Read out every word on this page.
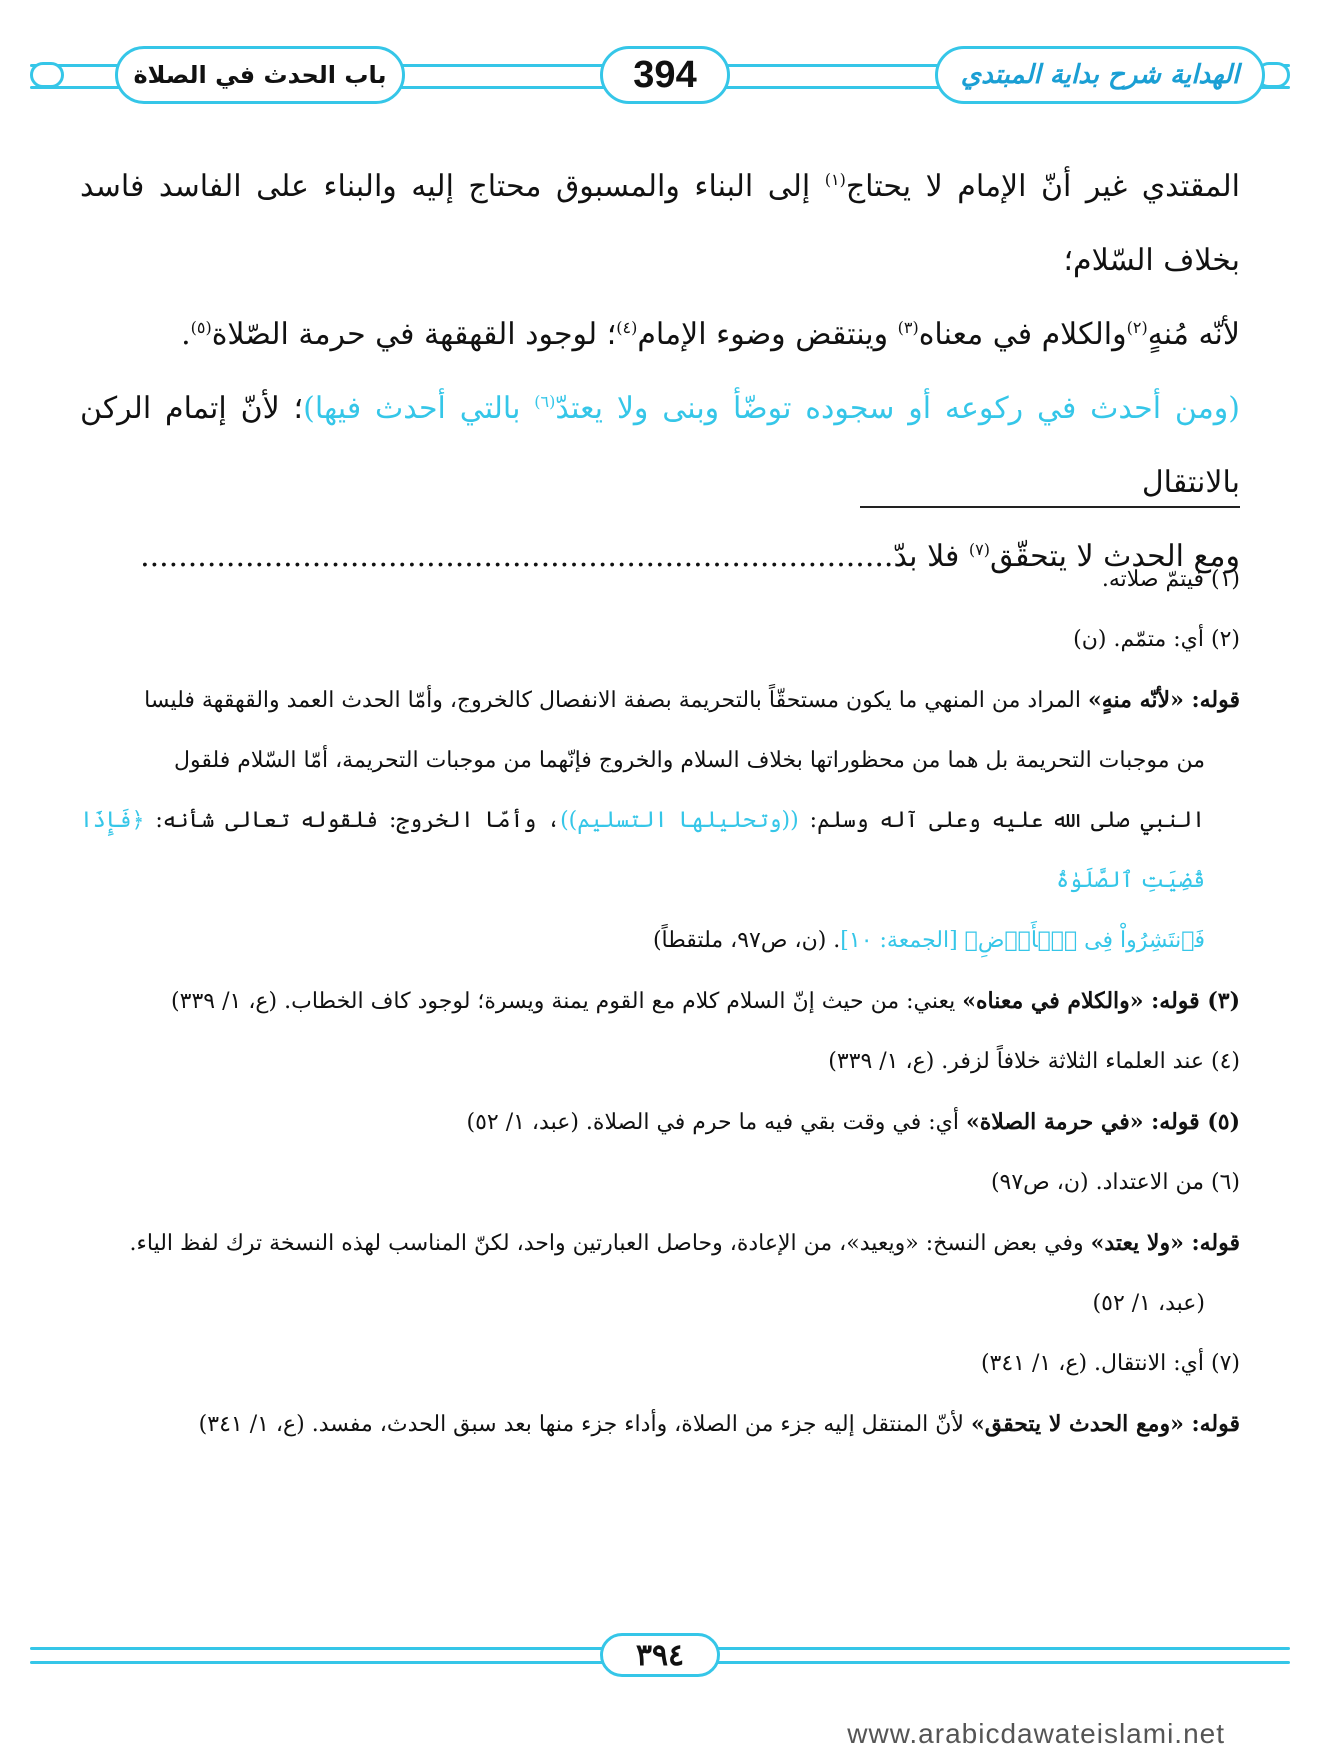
الهداية شرح بداية المبتدي
394
باب الحدث في الصلاة

المقتدي غير أنّ الإمام لا يحتاج$^{(١)}$ إلى البناء والمسبوق محتاج إليه والبناء على الفاسد فاسد بخلاف السّلام؛

لأنّه مُنهٍ$^{(٢)}$والكلام في معناه$^{(٣)}$ وينتقض وضوء الإمام$^{(٤)}$؛ لوجود القهقهة في حرمة الصّلاة$^{(٥)}$.

(ومن أحدث في ركوعه أو سجوده توضّأ وبنى ولا يعتدّ$^{(٦)}$ بالتي أحدث فيها)؛ لأنّ إتمام الركن بالانتقال

ومع الحدث لا يتحقّق$^{(٧)}$ فلا بدّ...............................................................................

(١) فيتمّ صلاته.

(٢) أي: متمّم. (ن)

قوله: «لأنّه منهٍ» المراد من المنهي ما يكون مستحقّاً بالتحريمة بصفة الانفصال كالخروج، وأمّا الحدث العمد والقهقهة فليسا

من موجبات التحريمة بل هما من محظوراتها بخلاف السلام والخروج فإنّهما من موجبات التحريمة، أمّا السّلام فلقول

النبي صلى الله عليه وعلى آله وسلم: ((وتحليلها التسليم))، وأمّا الخروج: فلقوله تعالى شأنه: ﴿فَإِذَا قُضِيَتِ ٱلصَّلَوٰةُ

فَٱنتَشِرُواْ فِى ٱلۡأَرۡضِ﴾ [الجمعة: ١٠]. (ن، ص٩٧، ملتقطاً)

(٣) قوله: «والكلام في معناه» يعني: من حيث إنّ السلام كلام مع القوم يمنة ويسرة؛ لوجود كاف الخطاب. (ع، ١/ ٣٣٩)

(٤) عند العلماء الثلاثة خلافاً لزفر. (ع، ١/ ٣٣٩)

(٥) قوله: «في حرمة الصلاة» أي: في وقت بقي فيه ما حرم في الصلاة. (عبد، ١/ ٥٢)

(٦) من الاعتداد. (ن، ص٩٧)

قوله: «ولا يعتد» وفي بعض النسخ: «ويعيد»، من الإعادة، وحاصل العبارتين واحد، لكنّ المناسب لهذه النسخة ترك لفظ الياء.

(عبد، ١/ ٥٢)

(٧) أي: الانتقال. (ع، ١/ ٣٤١)

قوله: «ومع الحدث لا يتحقق» لأنّ المنتقل إليه جزء من الصلاة، وأداء جزء منها بعد سبق الحدث، مفسد. (ع، ١/ ٣٤١)

٣٩٤
www.arabicdawateislami.net
